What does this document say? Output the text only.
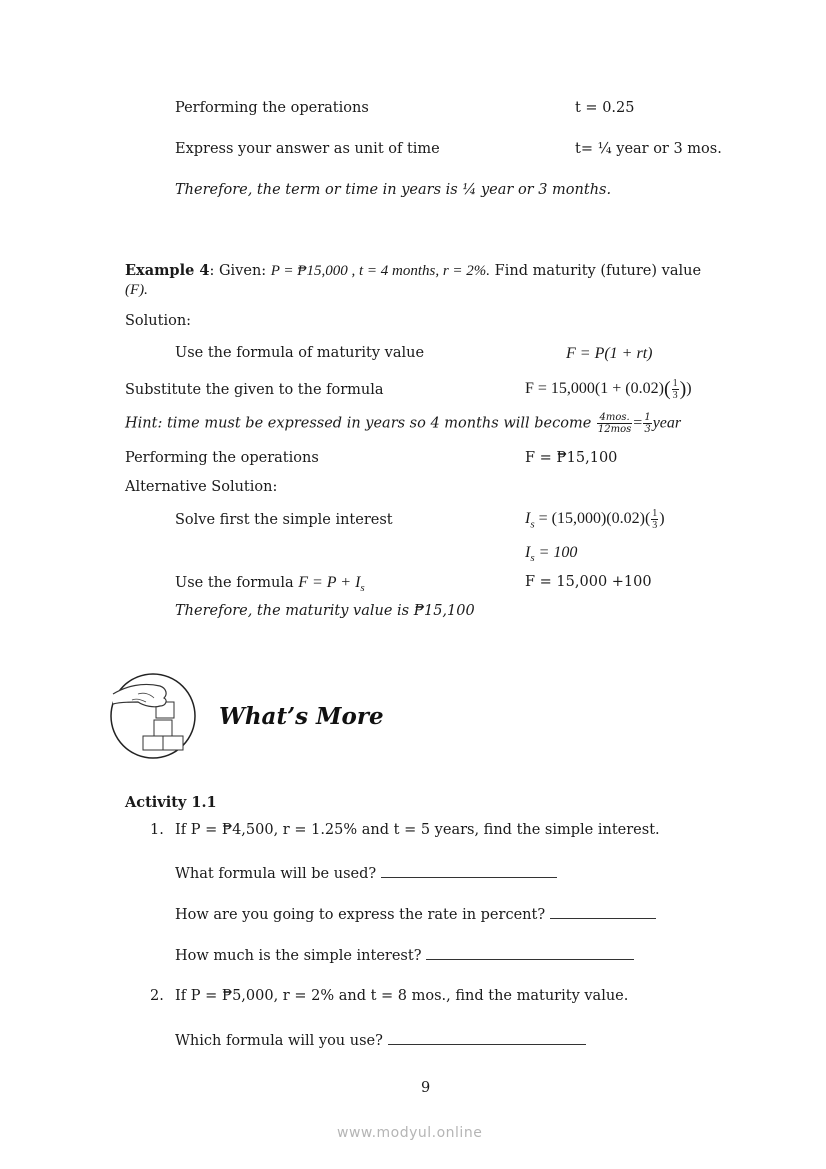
Performing the operations	t = 0.25
Express your answer as unit of time	t= ¼ year or 3 mos.
Therefore, the term or time in years is ¼ year or 3 months.
Example 4: Given: P = ₱15,000 , t = 4 months, r = 2%. Find maturity (future) value
(F).
Solution:
Use the formula of maturity value	F = P(1 + rt)
Substitute the given to the formula	$F = 15,000(1 + (0.02)( \frac{1}{3}$ ))
Hint: time must be expressed in years so 4 months will become $\frac{\text{4mos.}}{\text{12mos}} = \frac{1}{3}$ year
Performing the operations	F = ₱15,100
Alternative Solution:
Solve first the simple interest	$I_s = (15,000)(0.02)( \frac{1}{3}$ )
$I_s = 100$
Use the formula $F = P + I_s$	F = 15,000 +100
Therefore, the maturity value is ₱15,100
What’s More
Activity 1.1
1. If P = ₱4,500, r = 1.25% and t = 5 years, find the simple interest.
What formula will be used?
How are you going to express the rate in percent?
How much is the simple interest?
2. If P = ₱5,000, r = 2% and t = 8 mos., find the maturity value.
Which formula will you use?
9
www.modyul.online
